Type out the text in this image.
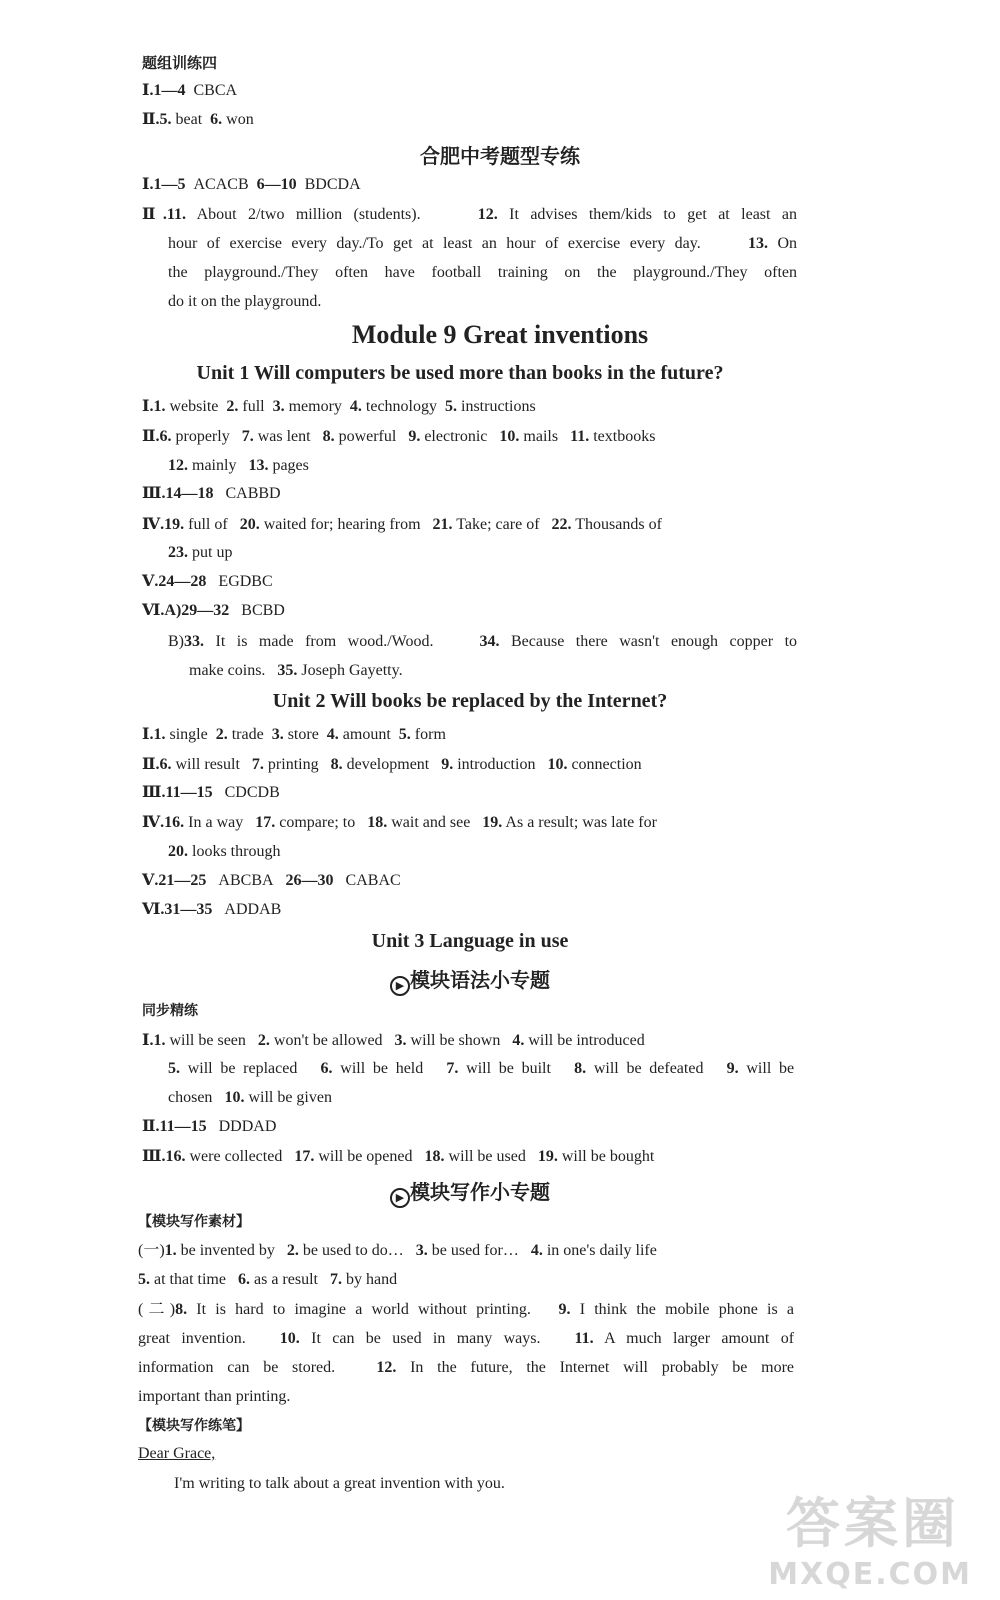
题组训练四
Ⅰ.1—4 CBCA
Ⅱ.5. beat 6. won
合肥中考题型专练
Ⅰ.1—5 ACACB 6—10 BDCDA
Ⅱ.11. About 2/two million (students).	12. It advises them/kids to get at least an
hour of exercise every day./To get at least an hour of exercise every day.	13. On
the playground./They often have football training on the playground./They often
do it on the playground.
Module 9 Great inventions
Unit 1 Will computers be used more than books in the future?
Ⅰ.1. website 2. full 3. memory 4. technology 5. instructions
Ⅱ.6. properly 7. was lent 8. powerful 9. electronic 10. mails 11. textbooks
12. mainly 13. pages
Ⅲ.14—18 CABBD
Ⅳ.19. full of 20. waited for; hearing from 21. Take; care of 22. Thousands of
23. put up
Ⅴ.24—28 EGDBC
Ⅵ.A)29—32 BCBD
B)33. It is made from wood./Wood.	34. Because there wasn't enough copper to
make coins. 35. Joseph Gayetty.
Unit 2 Will books be replaced by the Internet?
Ⅰ.1. single 2. trade 3. store 4. amount 5. form
Ⅱ.6. will result 7. printing 8. development 9. introduction 10. connection
Ⅲ.11—15 CDCDB
Ⅳ.16. In a way 17. compare; to 18. wait and see 19. As a result; was late for
20. looks through
Ⅴ.21—25 ABCBA 26—30 CABAC
Ⅵ.31—35 ADDAB
Unit 3 Language in use
▶ 模块语法小专题
同步精练
Ⅰ.1. will be seen 2. won't be allowed 3. will be shown 4. will be introduced
5. will be replaced 6. will be held 7. will be built 8. will be defeated 9. will be
chosen 10. will be given
Ⅱ.11—15 DDDAD
Ⅲ.16. were collected 17. will be opened 18. will be used 19. will be bought
▶ 模块写作小专题
【模块写作素材】
(一)1. be invented by 2. be used to do… 3. be used for… 4. in one's daily life
5. at that time 6. as a result 7. by hand
(二)8. It is hard to imagine a world without printing. 9. I think the mobile phone is a
great invention. 10. It can be used in many ways. 11. A much larger amount of
information can be stored.	12. In the future, the Internet will probably be more
important than printing.
【模块写作练笔】
Dear Grace,
I'm writing to talk about a great invention with you.
答案圈
MXQE.COM
